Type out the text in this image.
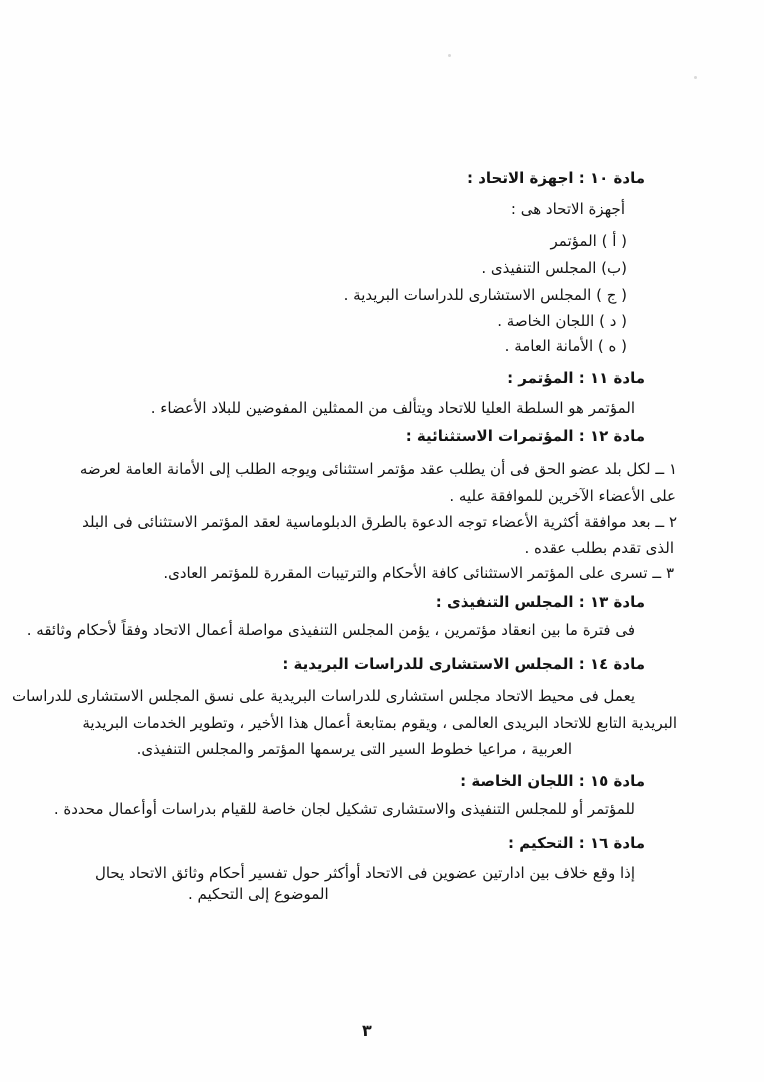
مادة ١٠ : اجهزة الاتحاد :
أجهزة الاتحاد هى :
( أ ) المؤتمر
(ب) المجلس التنفيذى .
( ج ) المجلس الاستشارى للدراسات البريدية .
( د ) اللجان الخاصة .
( ه ) الأمانة العامة .
مادة ١١ : المؤتمر :
المؤتمر هو السلطة العليا للاتحاد ويتألف من الممثلين المفوضين للبلاد الأعضاء .
مادة ١٢ : المؤتمرات الاستثنائية :
١ ــ لكل بلد عضو الحق فى أن يطلب عقد مؤتمر استثنائى ويوجه الطلب إلى الأمانة العامة لعرضه
على الأعضاء الآخرين للموافقة عليه .
٢ ــ بعد موافقة أكثرية الأعضاء توجه الدعوة بالطرق الدبلوماسية لعقد المؤتمر الاستثنائى فى البلد
الذى تقدم بطلب عقده .
٣ ــ تسرى على المؤتمر الاستثنائى كافة الأحكام والترتيبات المقررة للمؤتمر العادى.
مادة ١٣ : المجلس التنفيذى :
فى فترة ما بين انعقاد مؤتمرين ، يؤمن المجلس التنفيذى مواصلة أعمال الاتحاد وفقاً لأحكام وثائقه .
مادة ١٤ : المجلس الاستشارى للدراسات البريدية :
يعمل فى محيط الاتحاد مجلس استشارى للدراسات البريدية على نسق المجلس الاستشارى للدراسات
البريدية التابع للاتحاد البريدى العالمى ، ويقوم بمتابعة أعمال هذا الأخير ، وتطوير الخدمات البريدية
العربية ، مراعيا خطوط السير التى يرسمها المؤتمر والمجلس التنفيذى.
مادة ١٥ : اللجان الخاصة :
للمؤتمر أو للمجلس التنفيذى والاستشارى تشكيل لجان خاصة للقيام بدراسات أوأعمال محددة .
مادة ١٦ : التحكيم :
إذا وقع خلاف بين ادارتين عضوين فى الاتحاد أوأكثر حول تفسير أحكام وثائق الاتحاد يحال
الموضوع إلى التحكيم .
٣
